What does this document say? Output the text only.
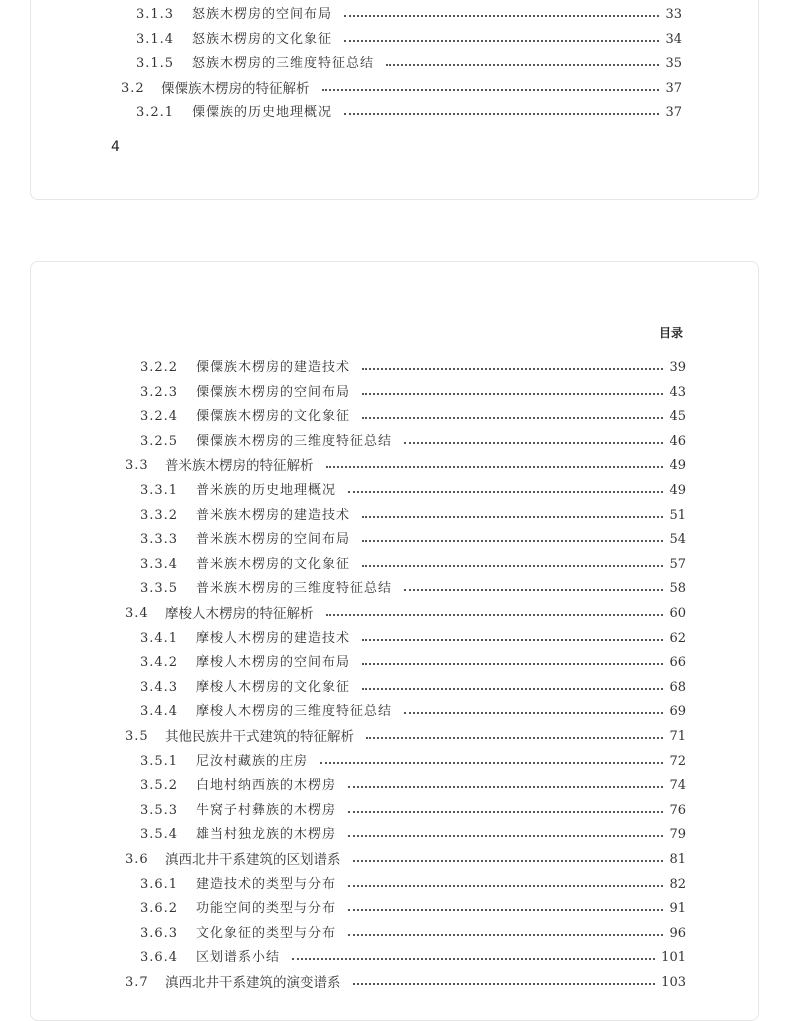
3.1.3	怒族木楞房的空间布局	33
3.1.4	怒族木楞房的文化象征	34
3.1.5	怒族木楞房的三维度特征总结	35
3.2	傈僳族木楞房的特征解析	37
3.2.1	傈僳族的历史地理概况	37
4
目录
3.2.2	傈僳族木楞房的建造技术	39
3.2.3	傈僳族木楞房的空间布局	43
3.2.4	傈僳族木楞房的文化象征	45
3.2.5	傈僳族木楞房的三维度特征总结	46
3.3	普米族木楞房的特征解析	49
3.3.1	普米族的历史地理概况	49
3.3.2	普米族木楞房的建造技术	51
3.3.3	普米族木楞房的空间布局	54
3.3.4	普米族木楞房的文化象征	57
3.3.5	普米族木楞房的三维度特征总结	58
3.4	摩梭人木楞房的特征解析	60
3.4.1	摩梭人木楞房的建造技术	62
3.4.2	摩梭人木楞房的空间布局	66
3.4.3	摩梭人木楞房的文化象征	68
3.4.4	摩梭人木楞房的三维度特征总结	69
3.5	其他民族井干式建筑的特征解析	71
3.5.1	尼汝村藏族的庄房	72
3.5.2	白地村纳西族的木楞房	74
3.5.3	牛窝子村彝族的木楞房	76
3.5.4	雄当村独龙族的木楞房	79
3.6	滇西北井干系建筑的区划谱系	81
3.6.1	建造技术的类型与分布	82
3.6.2	功能空间的类型与分布	91
3.6.3	文化象征的类型与分布	96
3.6.4	区划谱系小结	101
3.7	滇西北井干系建筑的演变谱系	103
